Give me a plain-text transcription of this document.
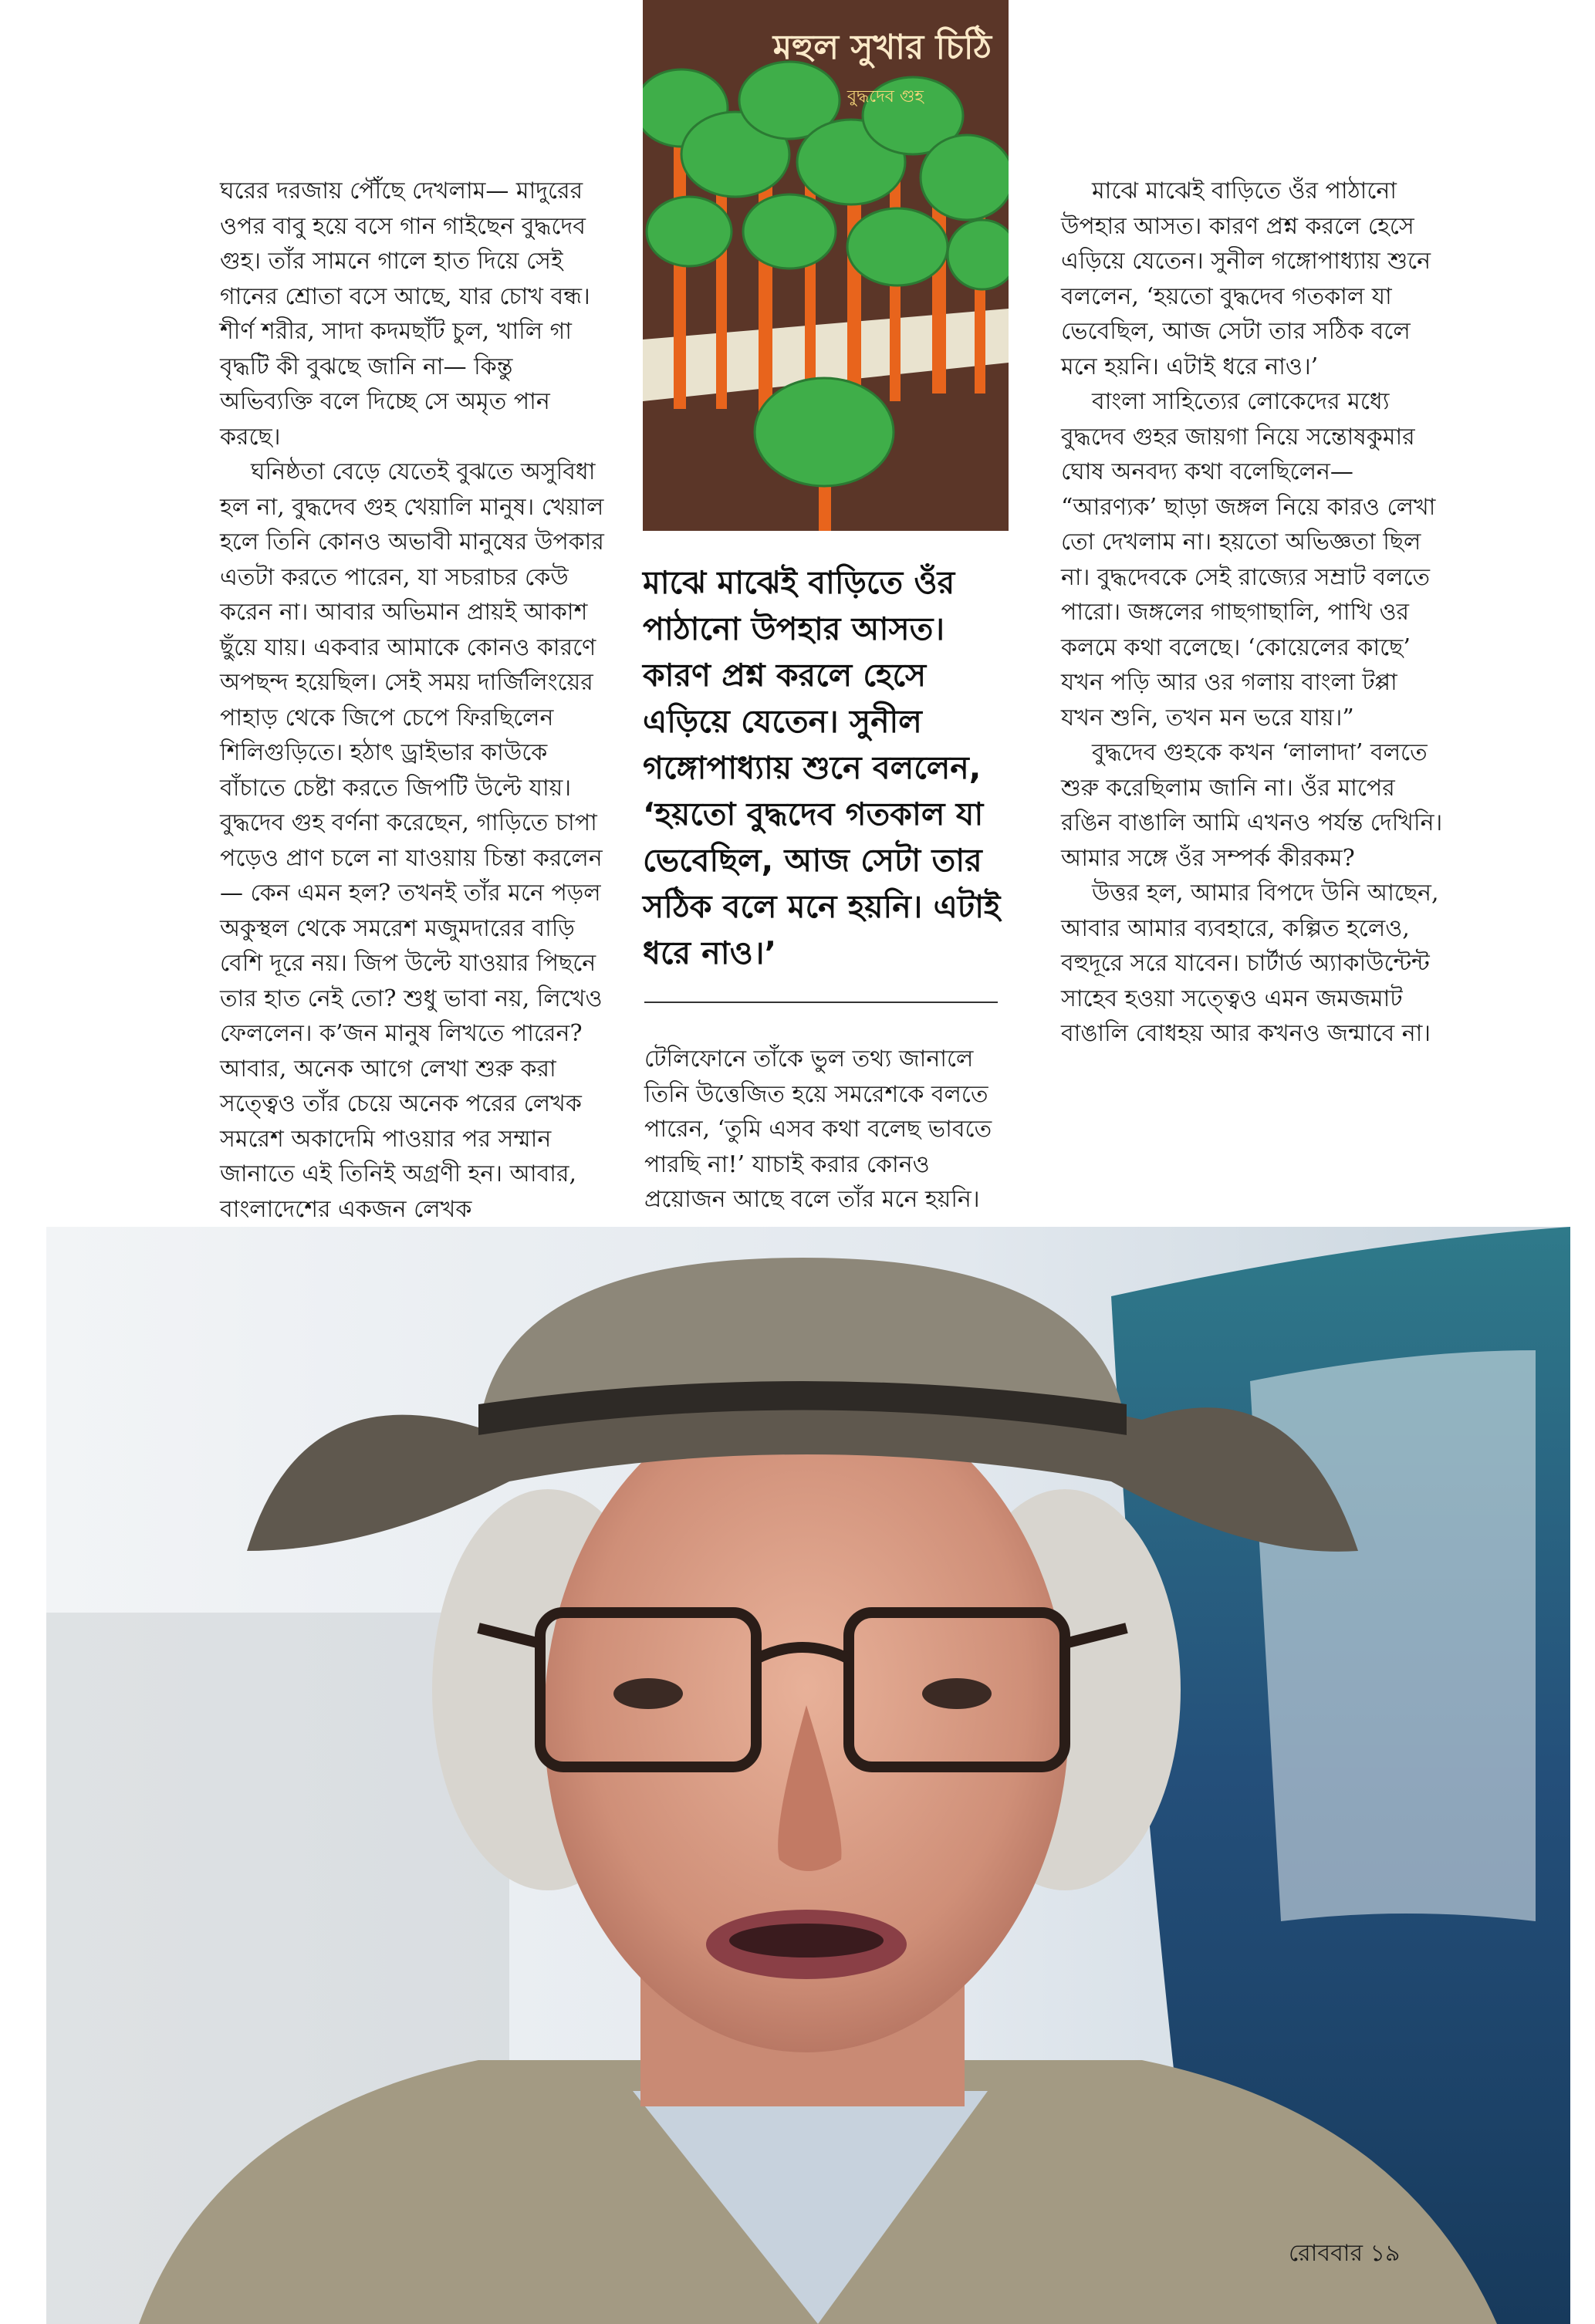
মহুল সুখার চিঠি
বুদ্ধদেব গুহ

ঘরের দরজায় পৌঁছে দেখলাম— মাদুরের ওপর বাবু হয়ে বসে গান গাইছেন বুদ্ধদেব গুহ। তাঁর সামনে গালে হাত দিয়ে সেই গানের শ্রোতা বসে আছে, যার চোখ বন্ধ। শীর্ণ শরীর, সাদা কদমছাঁট চুল, খালি গা বৃদ্ধটি কী বুঝছে জানি না— কিন্তু অভিব্যক্তি বলে দিচ্ছে সে অমৃত পান করছে।

ঘনিষ্ঠতা বেড়ে যেতেই বুঝতে অসুবিধা হল না, বুদ্ধদেব গুহ খেয়ালি মানুষ। খেয়াল হলে তিনি কোনও অভাবী মানুষের উপকার এতটা করতে পারেন, যা সচরাচর কেউ করেন না। আবার অভিমান প্রায়ই আকাশ ছুঁয়ে যায়। একবার আমাকে কোনও কারণে অপছন্দ হয়েছিল। সেই সময় দার্জিলিংয়ের পাহাড় থেকে জিপে চেপে ফিরছিলেন শিলিগুড়িতে। হঠাৎ ড্রাইভার কাউকে বাঁচাতে চেষ্টা করতে জিপটি উল্টে যায়। বুদ্ধদেব গুহ বর্ণনা করেছেন, গাড়িতে চাপা পড়েও প্রাণ চলে না যাওয়ায় চিন্তা করলেন— কেন এমন হল? তখনই তাঁর মনে পড়ল অকুস্থল থেকে সমরেশ মজুমদারের বাড়ি বেশি দূরে নয়। জিপ উল্টে যাওয়ার পিছনে তার হাত নেই তো? শুধু ভাবা নয়, লিখেও ফেললেন। ক’জন মানুষ লিখতে পারেন? আবার, অনেক আগে লেখা শুরু করা সত্ত্বেও তাঁর চেয়ে অনেক পরের লেখক সমরেশ অকাদেমি পাওয়ার পর সম্মান জানাতে এই তিনিই অগ্রণী হন। আবার, বাংলাদেশের একজন লেখক

মাঝে মাঝেই বাড়িতে ওঁর পাঠানো উপহার আসত। কারণ প্রশ্ন করলে হেসে এড়িয়ে যেতেন। সুনীল গঙ্গোপাধ্যায় শুনে বললেন, ‘হয়তো বুদ্ধদেব গতকাল যা ভেবেছিল, আজ সেটা তার সঠিক বলে মনে হয়নি। এটাই ধরে নাও।’

টেলিফোনে তাঁকে ভুল তথ্য জানালে তিনি উত্তেজিত হয়ে সমরেশকে বলতে পারেন, ‘তুমি এসব কথা বলেছ ভাবতে পারছি না!’ যাচাই করার কোনও প্রয়োজন আছে বলে তাঁর মনে হয়নি।

মাঝে মাঝেই বাড়িতে ওঁর পাঠানো উপহার আসত। কারণ প্রশ্ন করলে হেসে এড়িয়ে যেতেন। সুনীল গঙ্গোপাধ্যায় শুনে বললেন, ‘হয়তো বুদ্ধদেব গতকাল যা ভেবেছিল, আজ সেটা তার সঠিক বলে মনে হয়নি। এটাই ধরে নাও।’

বাংলা সাহিত্যের লোকেদের মধ্যে বুদ্ধদেব গুহর জায়গা নিয়ে সন্তোষকুমার ঘোষ অনবদ্য কথা বলেছিলেন— “আরণ্যক’ ছাড়া জঙ্গল নিয়ে কারও লেখা তো দেখলাম না। হয়তো অভিজ্ঞতা ছিল না। বুদ্ধদেবকে সেই রাজ্যের সম্রাট বলতে পারো। জঙ্গলের গাছগাছালি, পাখি ওর কলমে কথা বলেছে। ‘কোয়েলের কাছে’ যখন পড়ি আর ওর গলায় বাংলা টপ্পা যখন শুনি, তখন মন ভরে যায়।”

বুদ্ধদেব গুহকে কখন ‘লালাদা’ বলতে শুরু করেছিলাম জানি না। ওঁর মাপের রঙিন বাঙালি আমি এখনও পর্যন্ত দেখিনি। আমার সঙ্গে ওঁর সম্পর্ক কীরকম?

উত্তর হল, আমার বিপদে উনি আছেন, আবার আমার ব্যবহারে, কল্পিত হলেও, বহুদূরে সরে যাবেন। চার্টার্ড অ্যাকাউন্টেন্ট সাহেব হওয়া সত্ত্বেও এমন জমজমাট বাঙালি বোধহয় আর কখনও জন্মাবে না।

রোববার ১৯
